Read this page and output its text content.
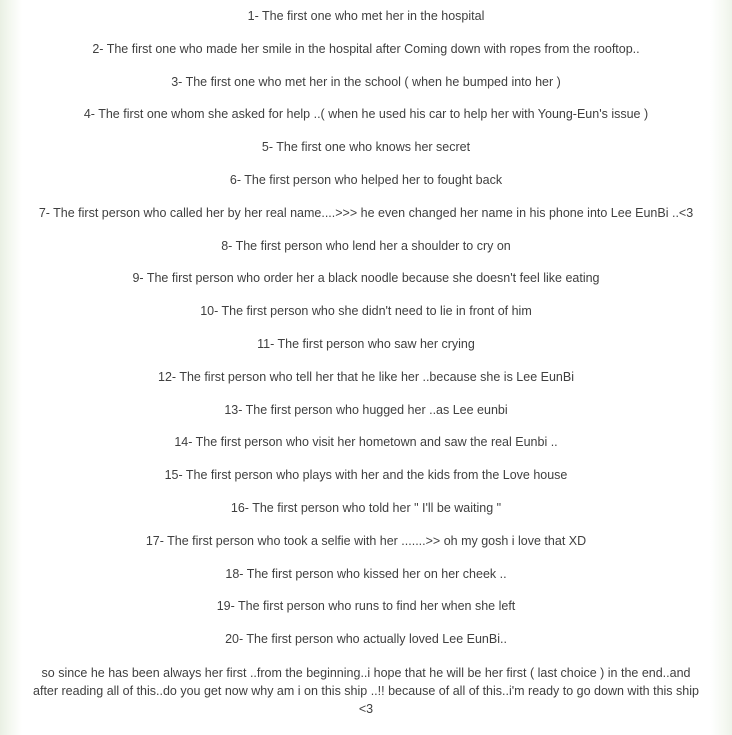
1- The first one who met her in the hospital
2- The first one who made her smile in the hospital after Coming down with ropes from the rooftop..
3- The first one who met her in the school ( when he bumped into her )
4- The first one whom she asked for help ..( when he used his car to help her with Young-Eun's issue )
5- The first one who knows her secret
6- The first person who helped her to fought back
7- The first person who called her by her real name....>>> he even changed her name in his phone into Lee EunBi ..<3
8- The first person who lend her a shoulder to cry on
9- The first person who order her a black noodle because she doesn't feel like eating
10- The first person who she didn't need to lie in front of him
11- The first person who saw her crying
12- The first person who tell her that he like her ..because she is Lee EunBi
13- The first person who hugged her ..as Lee eunbi
14- The first person who visit her hometown and saw the real Eunbi ..
15- The first person who plays with her and the kids from the Love house
16- The first person who told her " I'll be waiting "
17- The first person who took a selfie with her .......>> oh my gosh i love that XD
18- The first person who kissed her on her cheek ..
19- The first person who runs to find her when she left
20- The first person who actually loved Lee EunBi..
so since he has been always her first ..from the beginning..i hope that he will be her first ( last choice ) in the end..and
after reading all of this..do you get now why am i on this ship ..!! because of all of this..i'm ready to go down with this ship
<3
